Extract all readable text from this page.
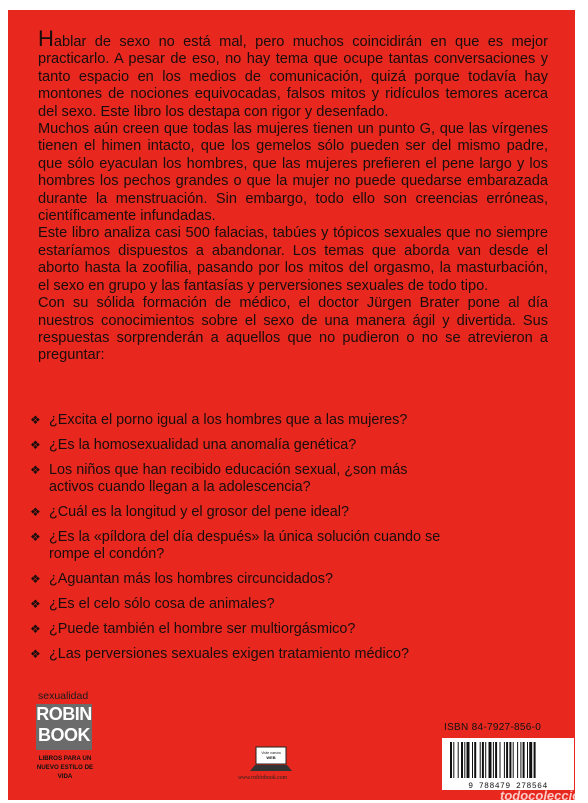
Hablar de sexo no está mal, pero muchos coincidirán en que es mejor practicarlo. A pesar de eso, no hay tema que ocupe tantas conversaciones y tanto espacio en los medios de comunicación, quizá porque todavía hay montones de nociones equivocadas, falsos mitos y ridículos temores acerca del sexo. Este libro los destapa con rigor y desenfado.

Muchos aún creen que todas las mujeres tienen un punto G, que las vírgenes tienen el himen intacto, que los gemelos sólo pueden ser del mismo padre, que sólo eyaculan los hombres, que las mujeres prefieren el pene largo y los hombres los pechos grandes o que la mujer no puede quedarse embarazada durante la menstruación. Sin embargo, todo ello son creencias erróneas, científicamente infundadas.

Este libro analiza casi 500 falacias, tabúes y tópicos sexuales que no siempre estaríamos dispuestos a abandonar. Los temas que aborda van desde el aborto hasta la zoofilia, pasando por los mitos del orgasmo, la masturbación, el sexo en grupo y las fantasías y perversiones sexuales de todo tipo.

Con su sólida formación de médico, el doctor Jürgen Brater pone al día nuestros conocimientos sobre el sexo de una manera ágil y divertida. Sus respuestas sorprenderán a aquellos que no pudieron o no se atrevieron a preguntar:

❖ ¿Excita el porno igual a los hombres que a las mujeres?
❖ ¿Es la homosexualidad una anomalía genética?
❖ Los niños que han recibido educación sexual, ¿son más activos cuando llegan a la adolescencia?
❖ ¿Cuál es la longitud y el grosor del pene ideal?
❖ ¿Es la «píldora del día después» la única solución cuando se rompe el condón?
❖ ¿Aguantan más los hombres circuncidados?
❖ ¿Es el celo sólo cosa de animales?
❖ ¿Puede también el hombre ser multiorgásmico?
❖ ¿Las perversiones sexuales exigen tratamiento médico?
sexualidad
ROBIN
BOOK
LIBROS PARA UN NUEVO ESTILO DE VIDA
Visite nuestra
WEB
www.robinbook.com
ISBN 84-7927-856-0
9 788479 278564
todocoleccion
